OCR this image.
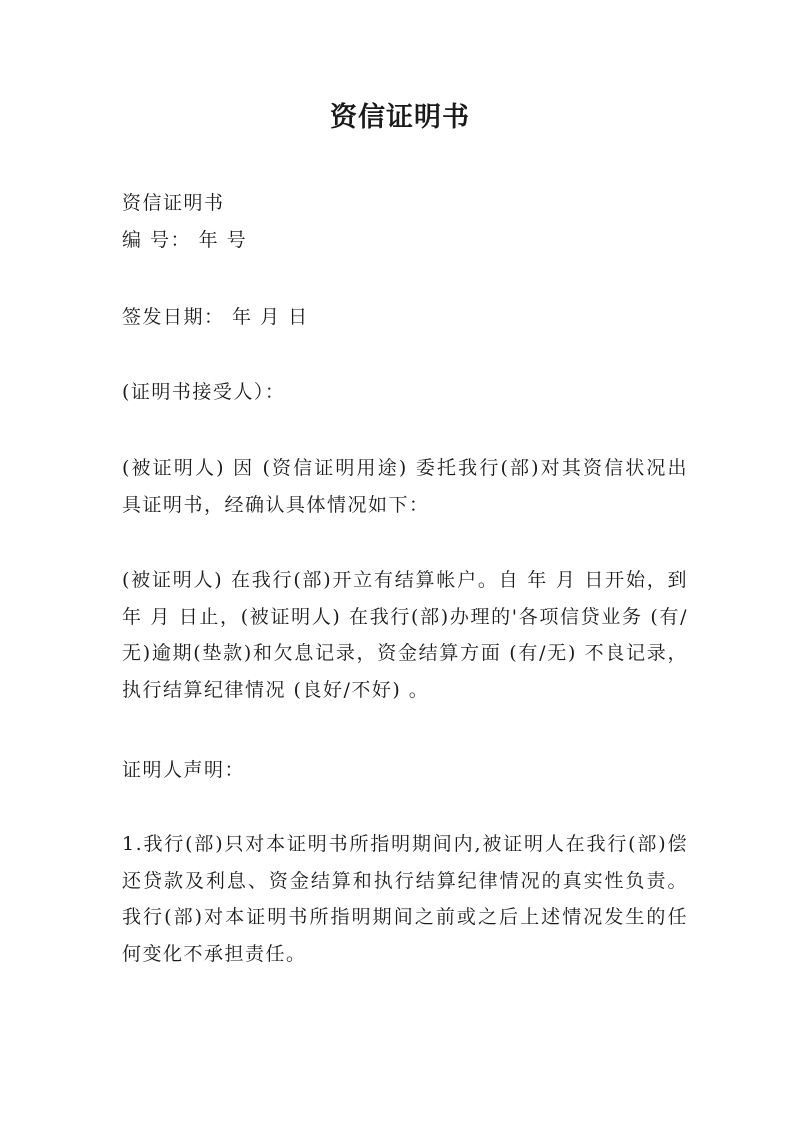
资信证明书
资信证明书
编 号： 年 号
签发日期： 年 月 日
(证明书接受人）：
(被证明人) 因 (资信证明用途) 委托我行(部)对其资信状况出具证明书，经确认具体情况如下：
(被证明人) 在我行(部)开立有结算帐户。自 年 月 日开始，到 年 月 日止，(被证明人) 在我行(部)办理的'各项信贷业务 (有/无)逾期(垫款)和欠息记录，资金结算方面 (有/无) 不良记录，执行结算纪律情况 (良好/不好) 。
证明人声明：
1.我行(部)只对本证明书所指明期间内,被证明人在我行(部)偿还贷款及利息、资金结算和执行结算纪律情况的真实性负责。我行(部)对本证明书所指明期间之前或之后上述情况发生的任何变化不承担责任。
